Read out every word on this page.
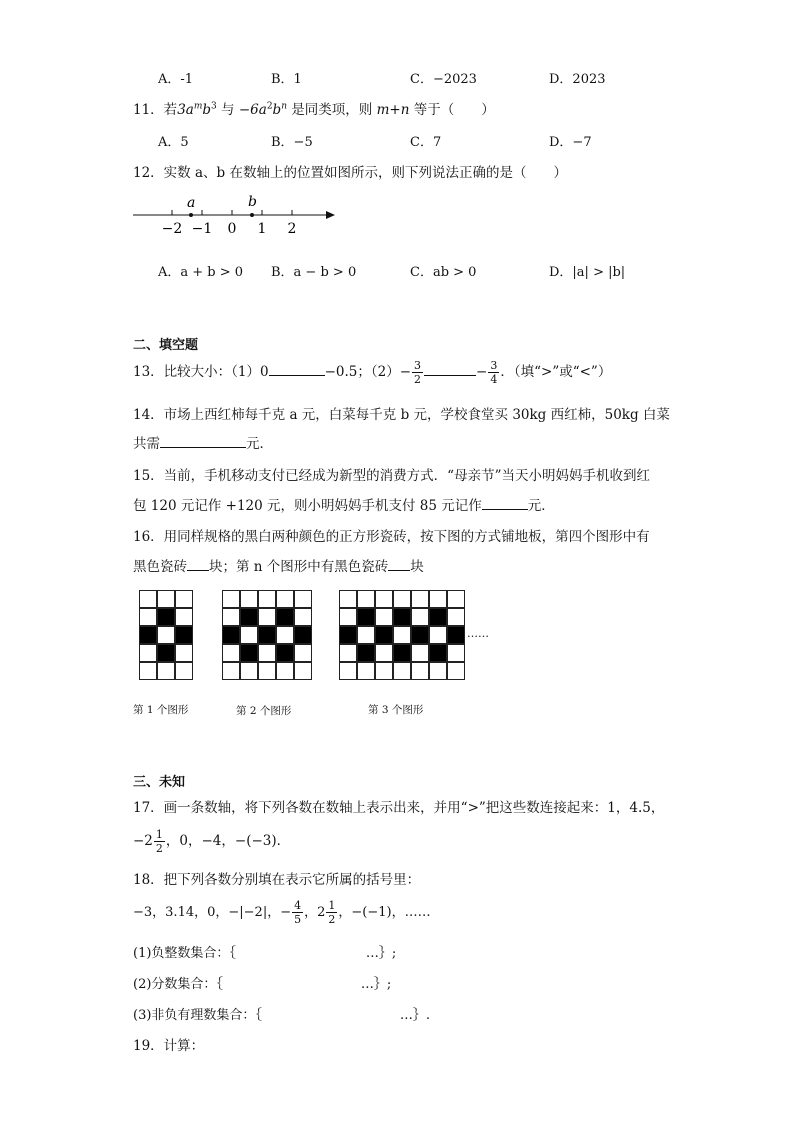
A．-1	B．1	C．−2023	D．2023
11．若$3a^mb^3$ 与 $-6a^2b^n$ 是同类项，则 m+n 等于（　　）
A．5	B．−5	C．7	D．−7
12．实数 a、b 在数轴上的位置如图所示，则下列说法正确的是（　　）
a	b
−2 −1 0 1 2
A．a + b > 0 B．a − b > 0	C．ab > 0	D．|a| > |b|
二、填空题
13．比较大小：（1）0	−0.5；$(2)- \frac{3}{2}$	− $\frac{3}{4}$ ．（填“>”或“<”）
14．市场上西红柿每千克 a 元，白菜每千克 b 元，学校食堂买 30kg 西红柿，50kg 白菜
共需	元．
15．当前，手机移动支付已经成为新型的消费方式．“母亲节”当天小明妈妈手机收到红
包 120 元记作 +120 元，则小明妈妈手机支付 85 元记作	元．
16．用同样规格的黑白两种颜色的正方形瓷砖，按下图的方式铺地板，第四个图形中有
黑色瓷砖 块；第 n 个图形中有黑色瓷砖 块
……
第 1 个图形	第 2 个图形	第 3 个图形
三、未知
17．画一条数轴，将下列各数在数轴上表示出来，并用“>”把这些数连接起来：1，4.5，
$-2 \frac{1}{2}$ ，0，−4，−(−3)．
18．把下列各数分别填在表示它所属的括号里：
−3，3.14，0，−|−2|，− $\frac{4}{5}$ ，$2 \frac{1}{2}$ ，−(−1)，……
(1)负整数集合：｛	…｝;
(2)分数集合：｛	…｝;
(3)非负有理数集合：｛	…｝.
19．计算：
